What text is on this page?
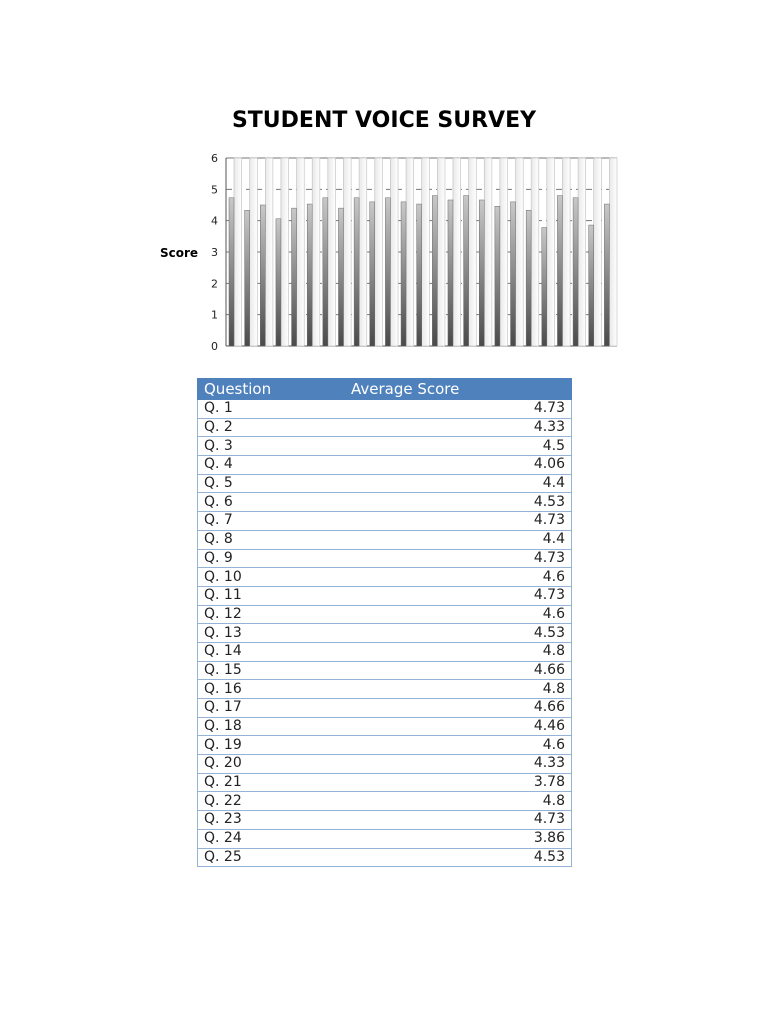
STUDENT VOICE SURVEY
0
1
2
3
4
5
6
Score
Question	Average Score
Q. 1	4.73
Q. 2	4.33
Q. 3	4.5
Q. 4	4.06
Q. 5	4.4
Q. 6	4.53
Q. 7	4.73
Q. 8	4.4
Q. 9	4.73
Q. 10	4.6
Q. 11	4.73
Q. 12	4.6
Q. 13	4.53
Q. 14	4.8
Q. 15	4.66
Q. 16	4.8
Q. 17	4.66
Q. 18	4.46
Q. 19	4.6
Q. 20	4.33
Q. 21	3.78
Q. 22	4.8
Q. 23	4.73
Q. 24	3.86
Q. 25	4.53
